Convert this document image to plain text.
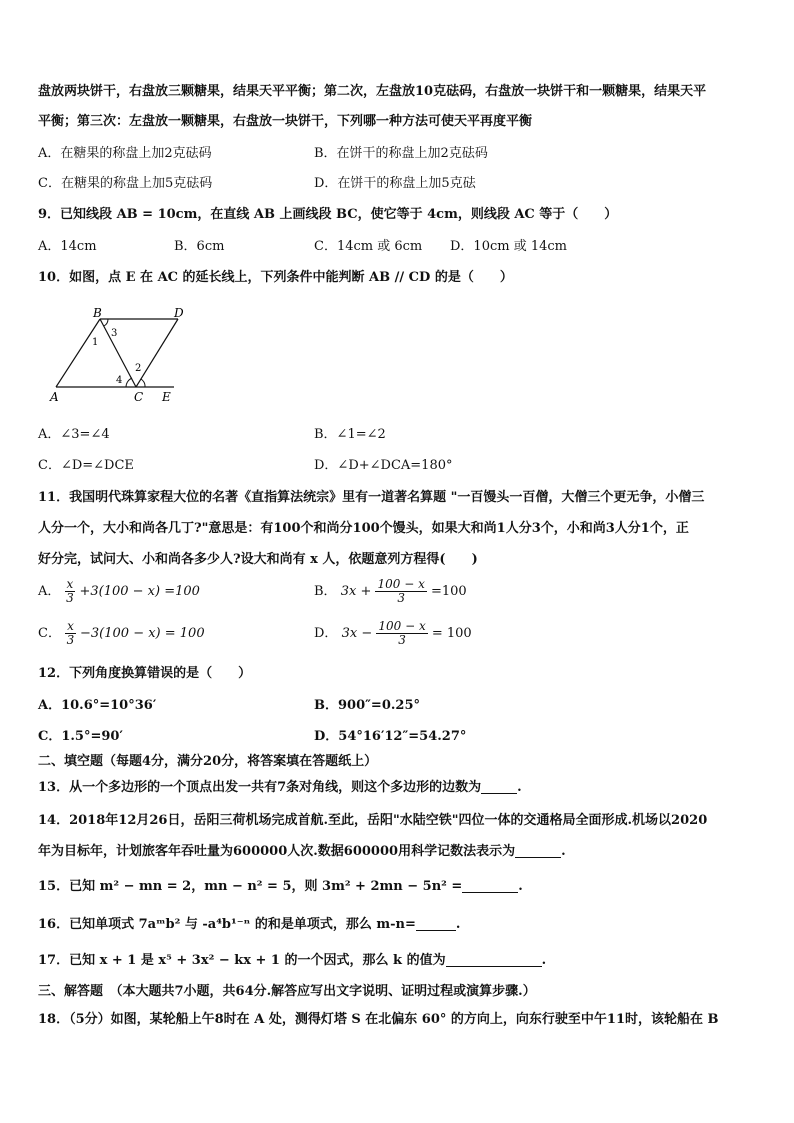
盘放两块饼干，右盘放三颗糖果，结果天平平衡；第二次，左盘放10克砝码，右盘放一块饼干和一颗糖果，结果天平
平衡；第三次：左盘放一颗糖果，右盘放一块饼干，下列哪一种方法可使天平再度平衡
A．在糖果的称盘上加2克砝码	B．在饼干的称盘上加2克砝码
C．在糖果的称盘上加5克砝码	D．在饼干的称盘上加5克砝
9．已知线段 AB = 10cm，在直线 AB 上画线段 BC，使它等于 4cm，则线段 AC 等于（　　）
A．14cm	B．6cm	C．14cm 或 6cm D．10cm 或 14cm
10．如图，点 E 在 AC 的延长线上，下列条件中能判断 AB // CD 的是（　　）
B	D
A	C E
1
2
3
4
A．∠3=∠4	B．∠1=∠2
C．∠D=∠DCE	D．∠D+∠DCA=180°
11．我国明代珠算家程大位的名著《直指算法统宗》里有一道著名算题 "一百馒头一百僧，大僧三个更无争，小僧三
人分一个，大小和尚各几丁?"意思是：有100个和尚分100个馒头，如果大和尚1人分3个，小和尚3人分1个，正
好分完，试问大、小和尚各多少人?设大和尚有 x 人，依题意列方程得(　　)
A． $\frac{x}{3} +3(100 - x) =100$	B． $3x + \frac{100 - x}{3} =100$
C． $\frac{x}{3} -3(100 - x) = 100$	D． $3x - \frac{100 - x}{3} = 100$
12．下列角度换算错误的是（　　）
A．10.6°=10°36′	B．900″=0.25°
C．1.5°=90′	D．54°16′12″=54.27°
二、填空题（每题4分，满分20分，将答案填在答题纸上）
13．从一个多边形的一个顶点出发一共有7条对角线，则这个多边形的边数为	.
14．2018年12月26日，岳阳三荷机场完成首航.至此，岳阳"水陆空铁"四位一体的交通格局全面形成.机场以2020
年为目标年，计划旅客年吞吐量为600000人次.数据600000用科学记数法表示为	.
15．已知 m² − mn = 2，mn − n² = 5，则 3m² + 2mn − 5n² =	.
16．已知单项式 7aᵐb² 与 -a⁴b¹⁻ⁿ 的和是单项式，那么 m-n=	.
17．已知 x + 1 是 x⁵ + 3x² − kx + 1 的一个因式，那么 k 的值为	.
三、解答题　（本大题共7小题，共64分.解答应写出文字说明、证明过程或演算步骤.）
18．（5分）如图，某轮船上午8时在 A 处，测得灯塔 S 在北偏东 60° 的方向上，向东行驶至中午11时，该轮船在 B
